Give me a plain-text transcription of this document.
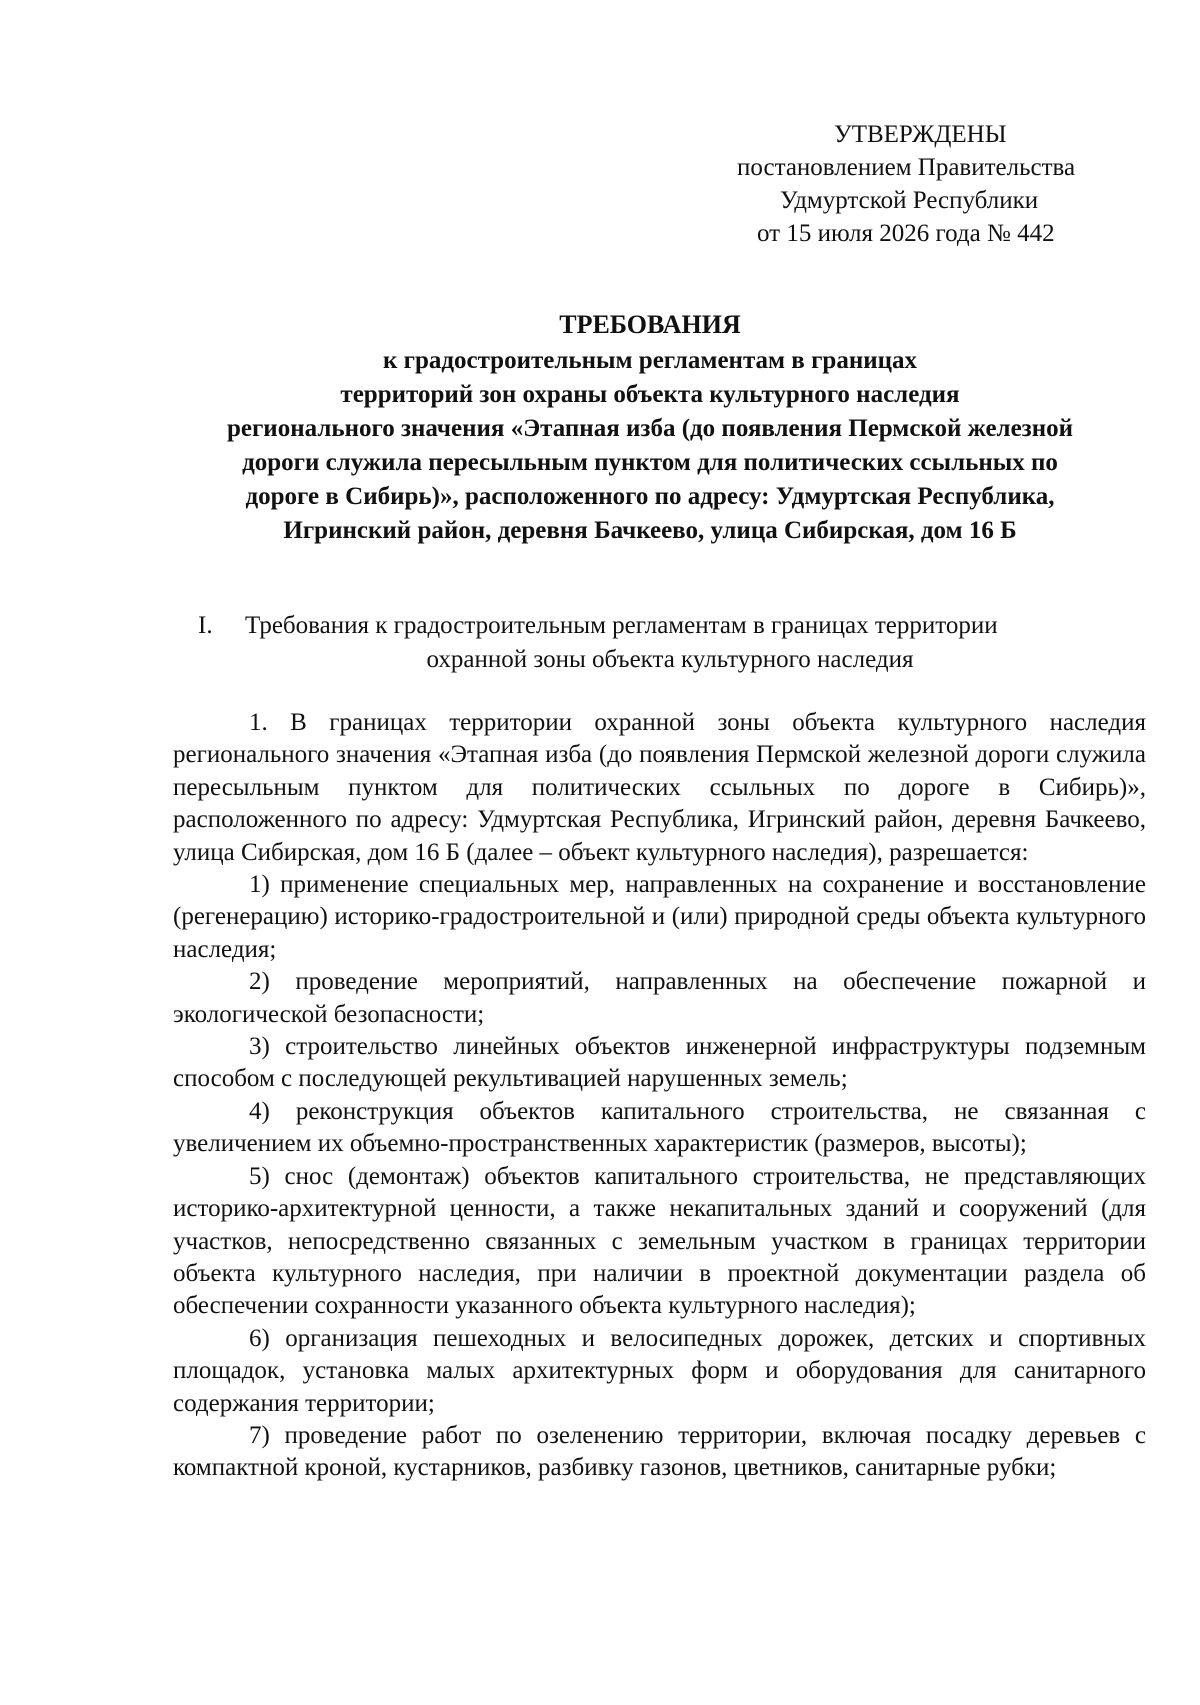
УТВЕРЖДЕНЫ
постановлением Правительства
Удмуртской Республики
от 15 июля 2026 года № 442
ТРЕБОВАНИЯ
к градостроительным регламентам в границах
территорий зон охраны объекта культурного наследия
регионального значения «Этапная изба (до появления Пермской железной
дороги служила пересыльным пунктом для политических ссыльных по
дороге в Сибирь)», расположенного по адресу: Удмуртская Республика,
Игринский район, деревня Бачкеево, улица Сибирская, дом 16 Б
I. Требования к градостроительным регламентам в границах территории
охранной зоны объекта культурного наследия

1. В границах территории охранной зоны объекта культурного наследия регионального значения «Этапная изба (до появления Пермской железной дороги служила пересыльным пунктом для политических ссыльных по дороге в Сибирь)», расположенного по адресу: Удмуртская Республика, Игринский район, деревня Бачкеево, улица Сибирская, дом 16 Б (далее – объект культурного наследия), разрешается:

1) применение специальных мер, направленных на сохранение и восстановление (регенерацию) историко-градостроительной и (или) природной среды объекта культурного наследия;

2) проведение мероприятий, направленных на обеспечение пожарной и экологической безопасности;

3) строительство линейных объектов инженерной инфраструктуры подземным способом с последующей рекультивацией нарушенных земель;

4) реконструкция объектов капитального строительства, не связанная с увеличением их объемно-пространственных характеристик (размеров, высоты);

5) снос (демонтаж) объектов капитального строительства, не представляющих историко-архитектурной ценности, а также некапитальных зданий и сооружений (для участков, непосредственно связанных с земельным участком в границах территории объекта культурного наследия, при наличии в проектной документации раздела об обеспечении сохранности указанного объекта культурного наследия);

6) организация пешеходных и велосипедных дорожек, детских и спортивных площадок, установка малых архитектурных форм и оборудования для санитарного содержания территории;

7) проведение работ по озеленению территории, включая посадку деревьев с компактной кроной, кустарников, разбивку газонов, цветников, санитарные рубки;
